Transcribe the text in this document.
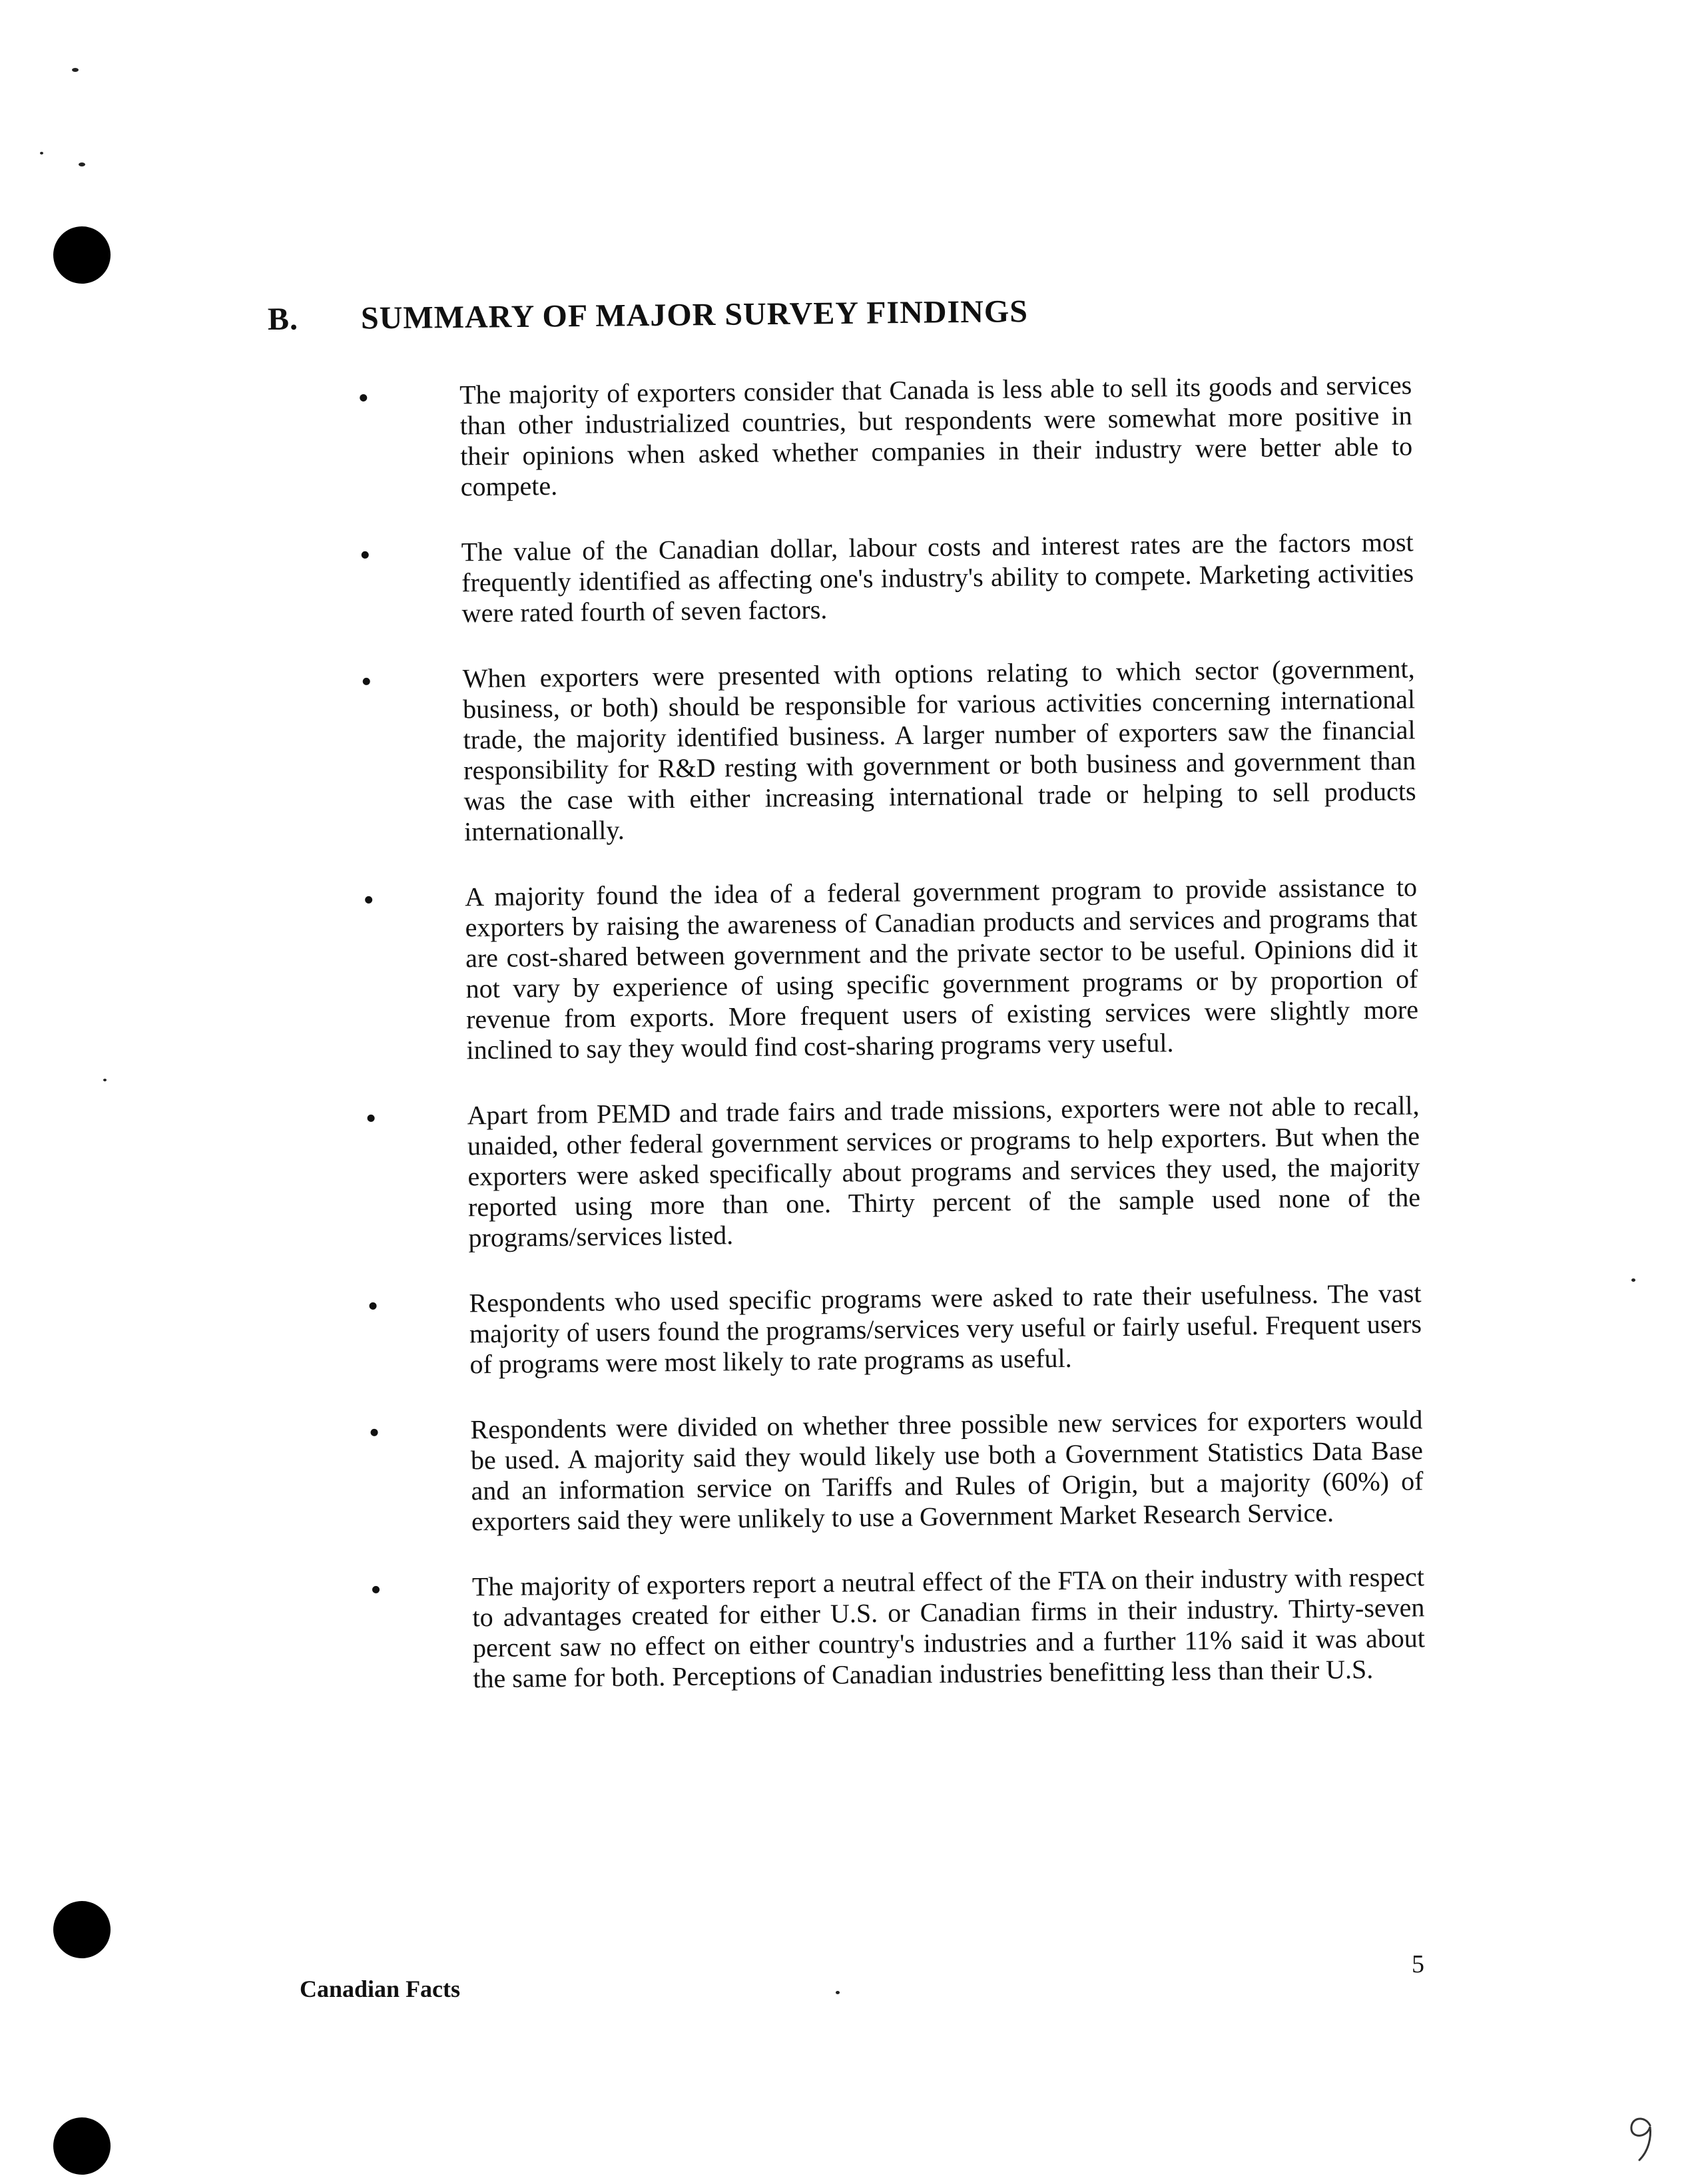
B. SUMMARY OF MAJOR SURVEY FINDINGS
The majority of exporters consider that Canada is less able to sell its goods and services than other industrialized countries, but respondents were somewhat more positive in their opinions when asked whether companies in their industry were better able to compete.
The value of the Canadian dollar, labour costs and interest rates are the factors most frequently identified as affecting one's industry's ability to compete. Marketing activities were rated fourth of seven factors.
When exporters were presented with options relating to which sector (government, business, or both) should be responsible for various activities concerning international trade, the majority identified business. A larger number of exporters saw the financial responsibility for R&D resting with government or both business and government than was the case with either increasing international trade or helping to sell products internationally.
A majority found the idea of a federal government program to provide assistance to exporters by raising the awareness of Canadian products and services and programs that are cost-shared between government and the private sector to be useful. Opinions did it not vary by experience of using specific government programs or by proportion of revenue from exports. More frequent users of existing services were slightly more inclined to say they would find cost-sharing programs very useful.
Apart from PEMD and trade fairs and trade missions, exporters were not able to recall, unaided, other federal government services or programs to help exporters. But when the exporters were asked specifically about programs and services they used, the majority reported using more than one. Thirty percent of the sample used none of the programs/services listed.
Respondents who used specific programs were asked to rate their usefulness. The vast majority of users found the programs/services very useful or fairly useful. Frequent users of programs were most likely to rate programs as useful.
Respondents were divided on whether three possible new services for exporters would be used. A majority said they would likely use both a Government Statistics Data Base and an information service on Tariffs and Rules of Origin, but a majority (60%) of exporters said they were unlikely to use a Government Market Research Service.
The majority of exporters report a neutral effect of the FTA on their industry with respect to advantages created for either U.S. or Canadian firms in their industry. Thirty-seven percent saw no effect on either country's industries and a further 11% said it was about the same for both. Perceptions of Canadian industries benefitting less than their U.S.
5
Canadian Facts
